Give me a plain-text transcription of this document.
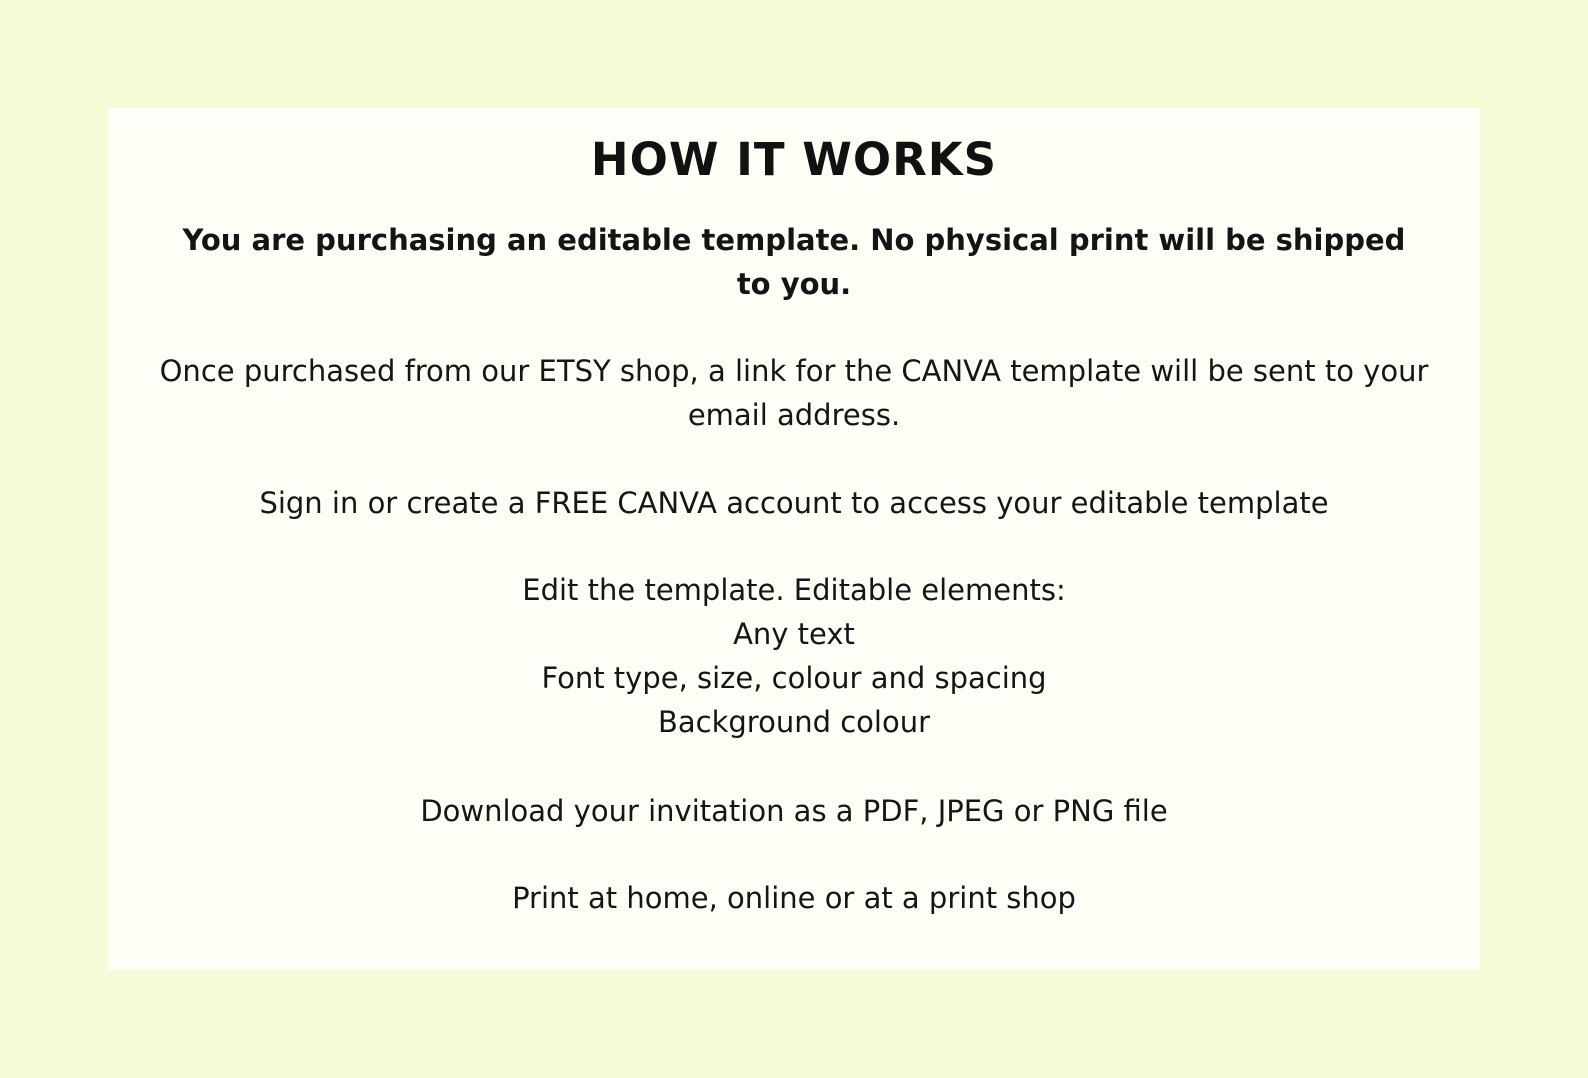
HOW IT WORKS

You are purchasing an editable template. No physical print will be shipped to you.

Once purchased from our ETSY shop, a link for the CANVA template will be sent to your email address.

Sign in or create a FREE CANVA account to access your editable template

Edit the template. Editable elements:
Any text
Font type, size, colour and spacing
Background colour

Download your invitation as a PDF, JPEG or PNG file

Print at home, online or at a print shop
